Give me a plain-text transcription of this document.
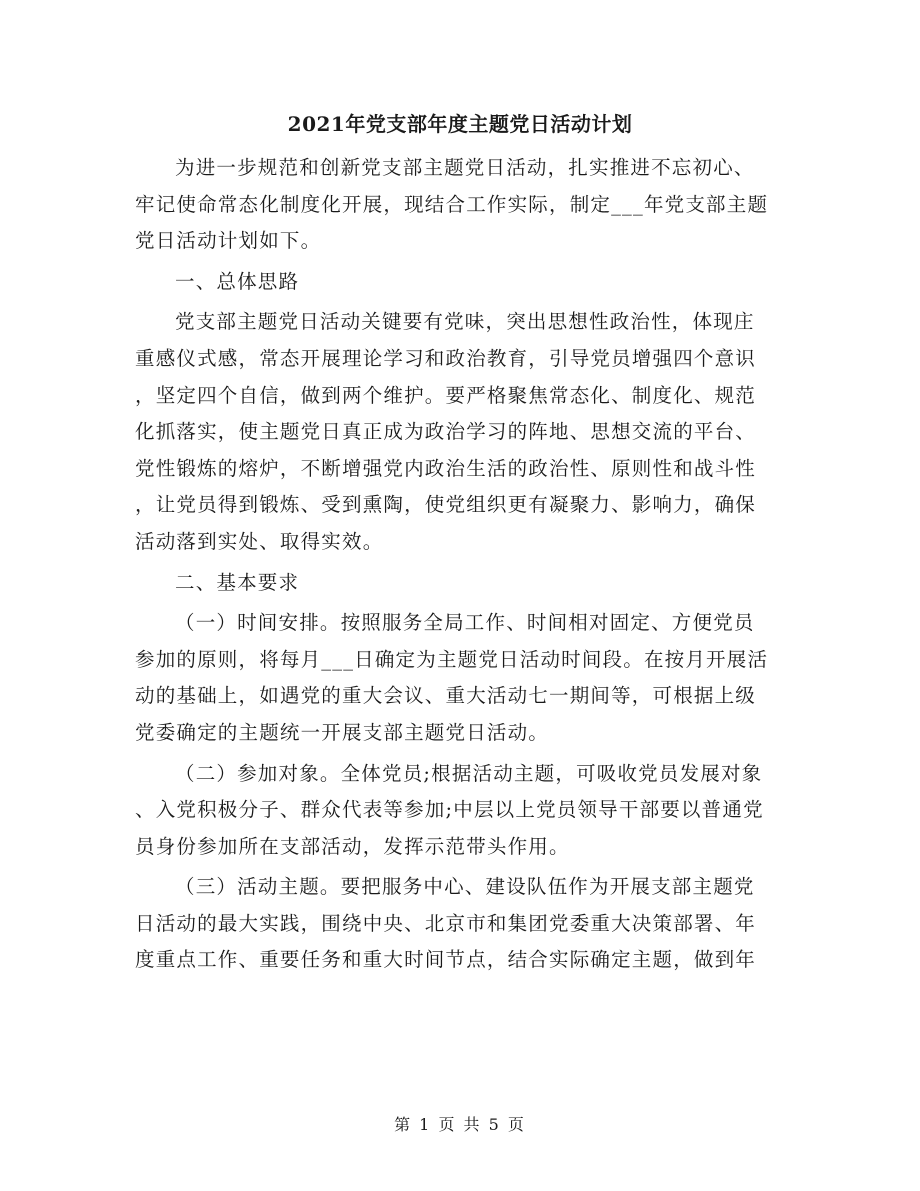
2021年党支部年度主题党日活动计划
为进一步规范和创新党支部主题党日活动，扎实推进不忘初心、
牢记使命常态化制度化开展，现结合工作实际，制定___年党支部主题
党日活动计划如下。
一、总体思路
党支部主题党日活动关键要有党味，突出思想性政治性，体现庄
重感仪式感，常态开展理论学习和政治教育，引导党员增强四个意识
，坚定四个自信，做到两个维护。要严格聚焦常态化、制度化、规范
化抓落实，使主题党日真正成为政治学习的阵地、思想交流的平台、
党性锻炼的熔炉，不断增强党内政治生活的政治性、原则性和战斗性
，让党员得到锻炼、受到熏陶，使党组织更有凝聚力、影响力，确保
活动落到实处、取得实效。
二、基本要求
（一）时间安排。按照服务全局工作、时间相对固定、方便党员
参加的原则，将每月___日确定为主题党日活动时间段。在按月开展活
动的基础上，如遇党的重大会议、重大活动七一期间等，可根据上级
党委确定的主题统一开展支部主题党日活动。
（二）参加对象。全体党员;根据活动主题，可吸收党员发展对象
、入党积极分子、群众代表等参加;中层以上党员领导干部要以普通党
员身份参加所在支部活动，发挥示范带头作用。
（三）活动主题。要把服务中心、建设队伍作为开展支部主题党
日活动的最大实践，围绕中央、北京市和集团党委重大决策部署、年
度重点工作、重要任务和重大时间节点，结合实际确定主题，做到年
第 1 页 共 5 页
